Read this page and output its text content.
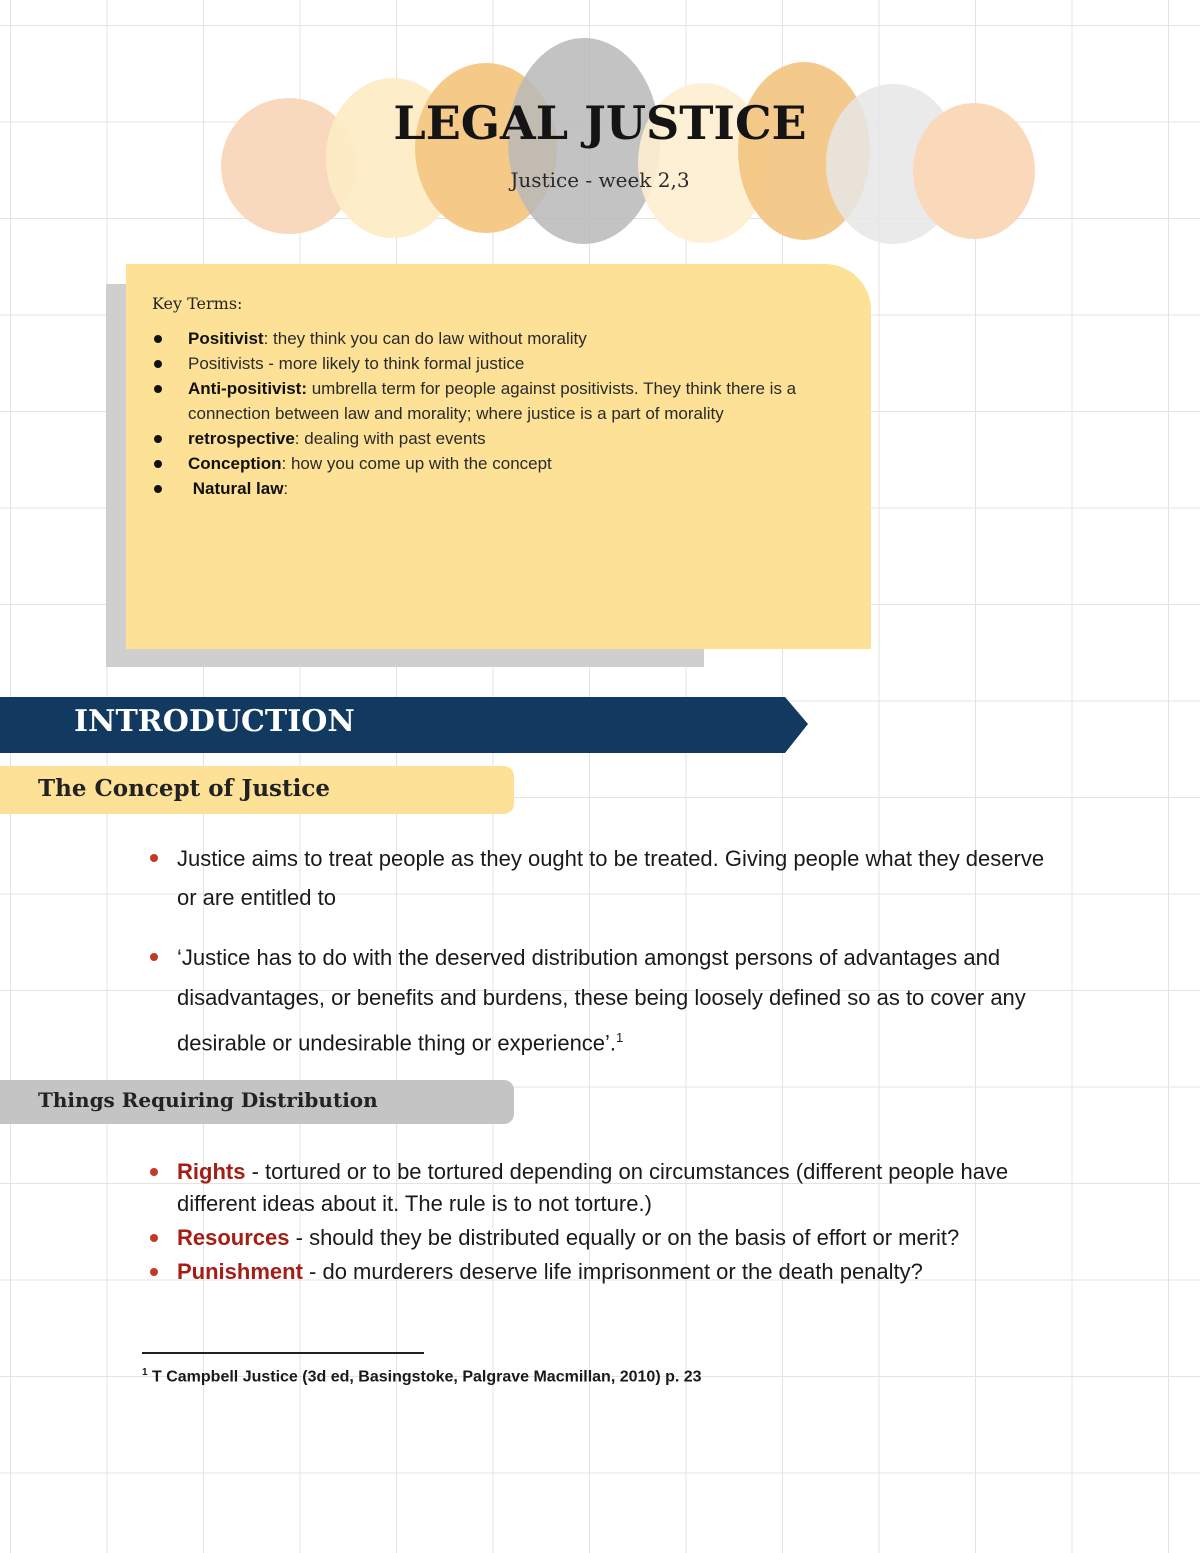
LEGAL JUSTICE
Justice - week 2,3
Key Terms:
Positivist: they think you can do law without morality
Positivists - more likely to think formal justice
Anti-positivist: umbrella term for people against positivists. They think there is a connection between law and morality; where justice is a part of morality
retrospective: dealing with past events
Conception: how you come up with the concept
Natural law:
INTRODUCTION
The Concept of Justice
Justice aims to treat people as they ought to be treated. Giving people what they deserve or are entitled to
‘Justice has to do with the deserved distribution amongst persons of advantages and disadvantages, or benefits and burdens, these being loosely defined so as to cover any desirable or undesirable thing or experience’.$^1$
Things Requiring Distribution
Rights - tortured or to be tortured depending on circumstances (different people have different ideas about it. The rule is to not torture.)
Resources - should they be distributed equally or on the basis of effort or merit?
Punishment - do murderers deserve life imprisonment or the death penalty?
$^1$ T Campbell Justice (3d ed, Basingstoke, Palgrave Macmillan, 2010) p. 23
